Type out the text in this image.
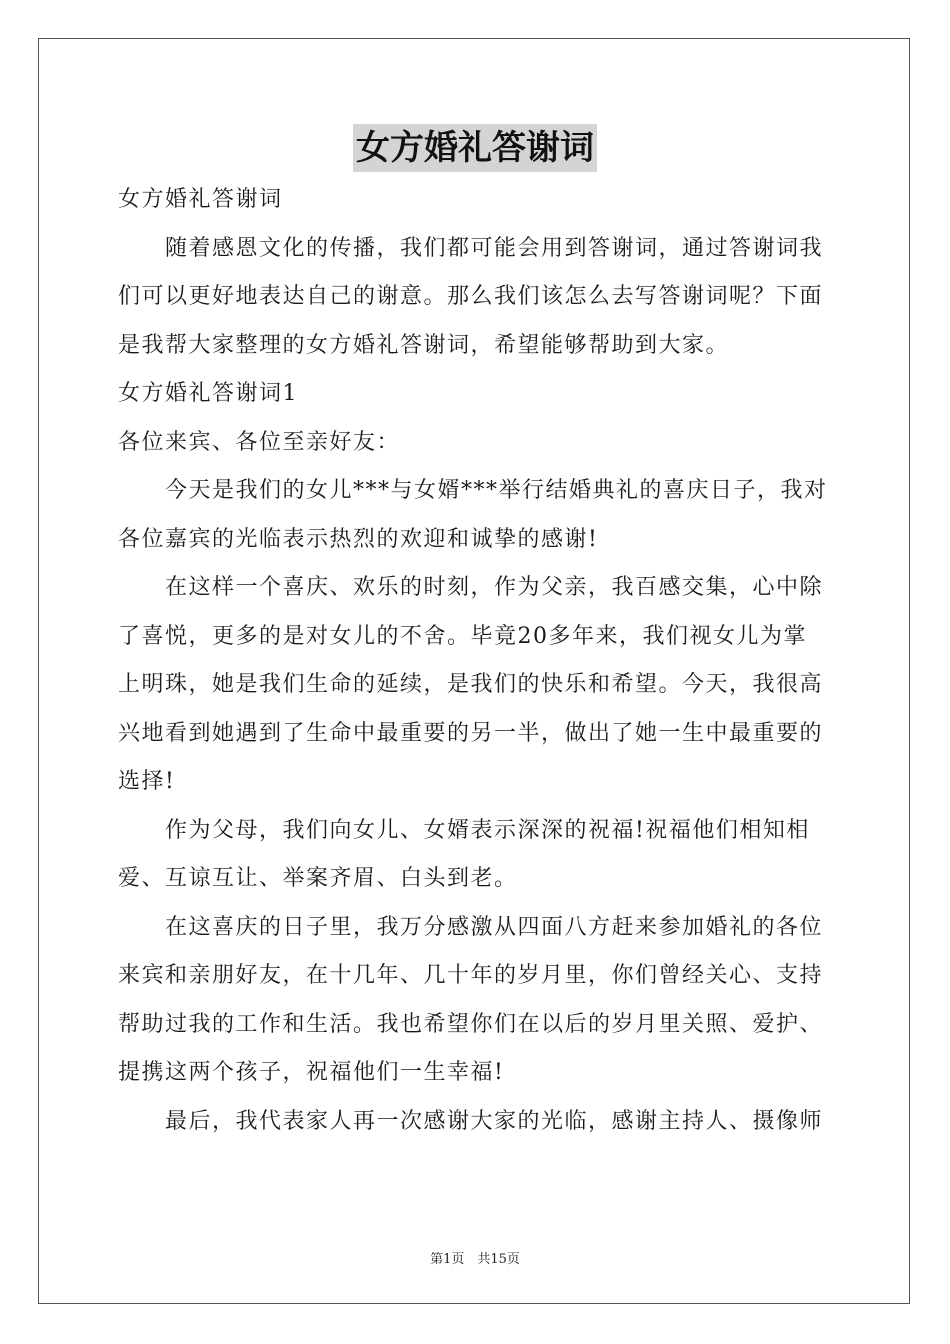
女方婚礼答谢词
女方婚礼答谢词
随着感恩文化的传播，我们都可能会用到答谢词，通过答谢词我
们可以更好地表达自己的谢意。那么我们该怎么去写答谢词呢？下面
是我帮大家整理的女方婚礼答谢词，希望能够帮助到大家。
女方婚礼答谢词1
各位来宾、各位至亲好友：
今天是我们的女儿***与女婿***举行结婚典礼的喜庆日子，我对
各位嘉宾的光临表示热烈的欢迎和诚挚的感谢!
在这样一个喜庆、欢乐的时刻，作为父亲，我百感交集，心中除
了喜悦，更多的是对女儿的不舍。毕竟20多年来，我们视女儿为掌
上明珠，她是我们生命的延续，是我们的快乐和希望。今天，我很高
兴地看到她遇到了生命中最重要的另一半，做出了她一生中最重要的
选择!
作为父母，我们向女儿、女婿表示深深的祝福!祝福他们相知相
爱、互谅互让、举案齐眉、白头到老。
在这喜庆的日子里，我万分感激从四面八方赶来参加婚礼的各位
来宾和亲朋好友，在十几年、几十年的岁月里，你们曾经关心、支持
帮助过我的工作和生活。我也希望你们在以后的岁月里关照、爱护、
提携这两个孩子，祝福他们一生幸福!
最后，我代表家人再一次感谢大家的光临，感谢主持人、摄像师
第1页　共15页
